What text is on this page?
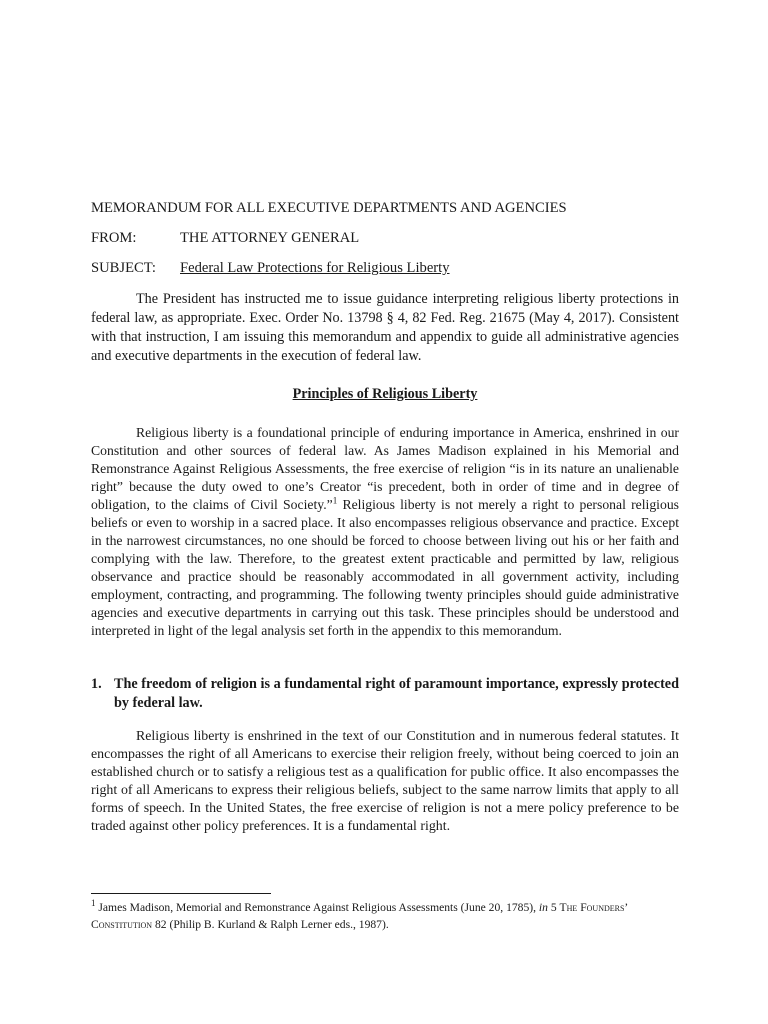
MEMORANDUM FOR ALL EXECUTIVE DEPARTMENTS AND AGENCIES
FROM:	THE ATTORNEY GENERAL
SUBJECT: Federal Law Protections for Religious Liberty

The President has instructed me to issue guidance interpreting religious liberty protections in federal law, as appropriate. Exec. Order No. 13798 § 4, 82 Fed. Reg. 21675 (May 4, 2017). Consistent with that instruction, I am issuing this memorandum and appendix to guide all administrative agencies and executive departments in the execution of federal law.

Principles of Religious Liberty

Religious liberty is a foundational principle of enduring importance in America, enshrined in our Constitution and other sources of federal law. As James Madison explained in his Memorial and Remonstrance Against Religious Assessments, the free exercise of religion “is in its nature an unalienable right” because the duty owed to one’s Creator “is precedent, both in order of time and in degree of obligation, to the claims of Civil Society.”$^1$ Religious liberty is not merely a right to personal religious beliefs or even to worship in a sacred place. It also encompasses religious observance and practice. Except in the narrowest circumstances, no one should be forced to choose between living out his or her faith and complying with the law. Therefore, to the greatest extent practicable and permitted by law, religious observance and practice should be reasonably accommodated in all government activity, including employment, contracting, and programming. The following twenty principles should guide administrative agencies and executive departments in carrying out this task. These principles should be understood and interpreted in light of the legal analysis set forth in the appendix to this memorandum.

1. The freedom of religion is a fundamental right of paramount importance, expressly protected by federal law.

Religious liberty is enshrined in the text of our Constitution and in numerous federal statutes. It encompasses the right of all Americans to exercise their religion freely, without being coerced to join an established church or to satisfy a religious test as a qualification for public office. It also encompasses the right of all Americans to express their religious beliefs, subject to the same narrow limits that apply to all forms of speech. In the United States, the free exercise of religion is not a mere policy preference to be traded against other policy preferences. It is a fundamental right.

$^1$ James Madison, Memorial and Remonstrance Against Religious Assessments (June 20, 1785), in 5 The Founders’ Constitution 82 (Philip B. Kurland & Ralph Lerner eds., 1987).
